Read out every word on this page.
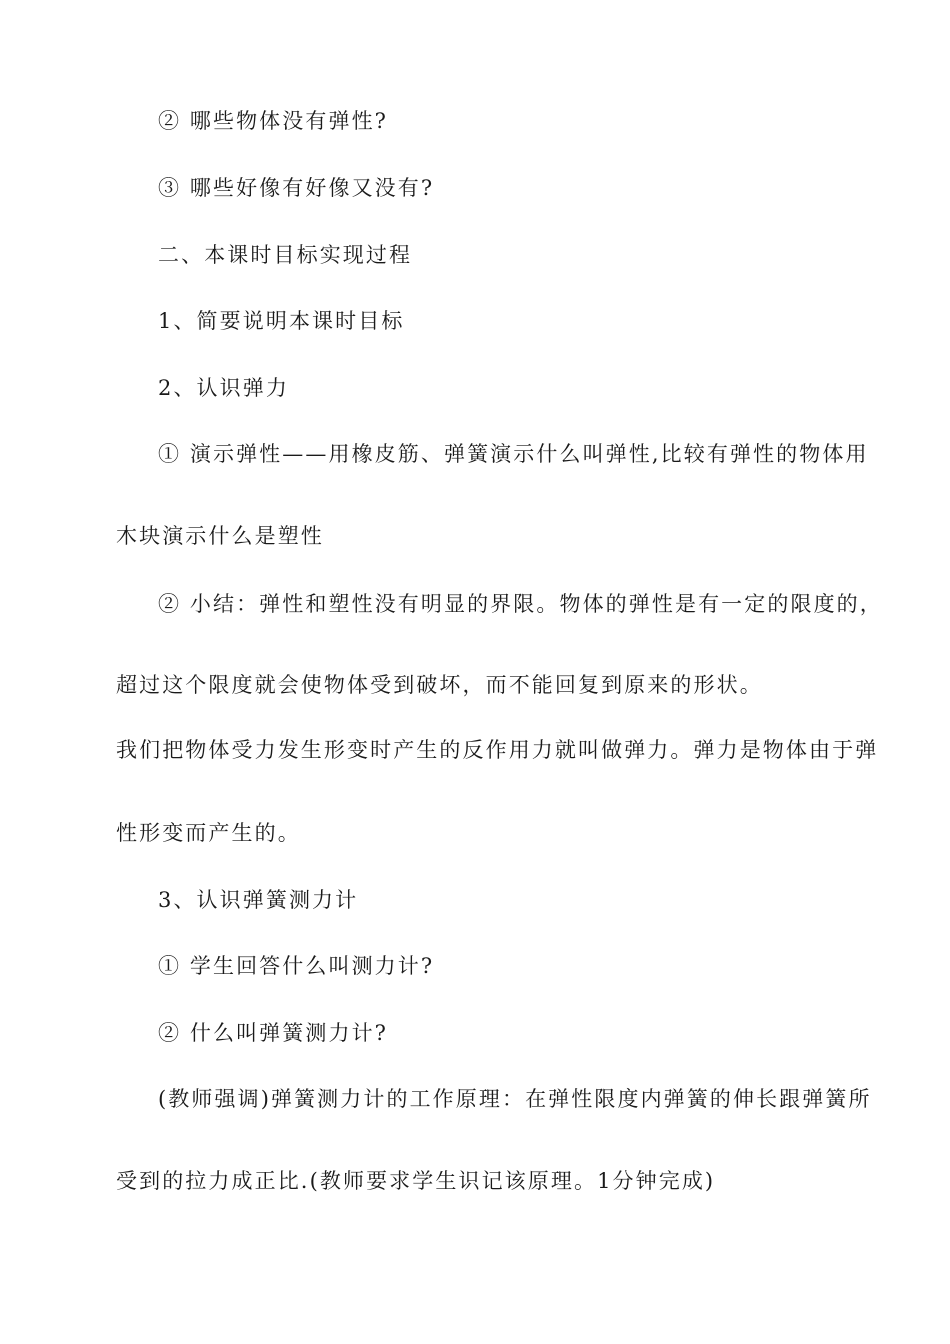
② 哪些物体没有弹性?
③ 哪些好像有好像又没有?
二、本课时目标实现过程
1、简要说明本课时目标
2、认识弹力
① 演示弹性——用橡皮筋、弹簧演示什么叫弹性,比较有弹性的物体用
木块演示什么是塑性
② 小结：弹性和塑性没有明显的界限。物体的弹性是有一定的限度的，
超过这个限度就会使物体受到破坏，而不能回复到原来的形状。
我们把物体受力发生形变时产生的反作用力就叫做弹力。弹力是物体由于弹
性形变而产生的。
3、认识弹簧测力计
① 学生回答什么叫测力计?
② 什么叫弹簧测力计?
(教师强调)弹簧测力计的工作原理：在弹性限度内弹簧的伸长跟弹簧所
受到的拉力成正比.(教师要求学生识记该原理。1分钟完成)
